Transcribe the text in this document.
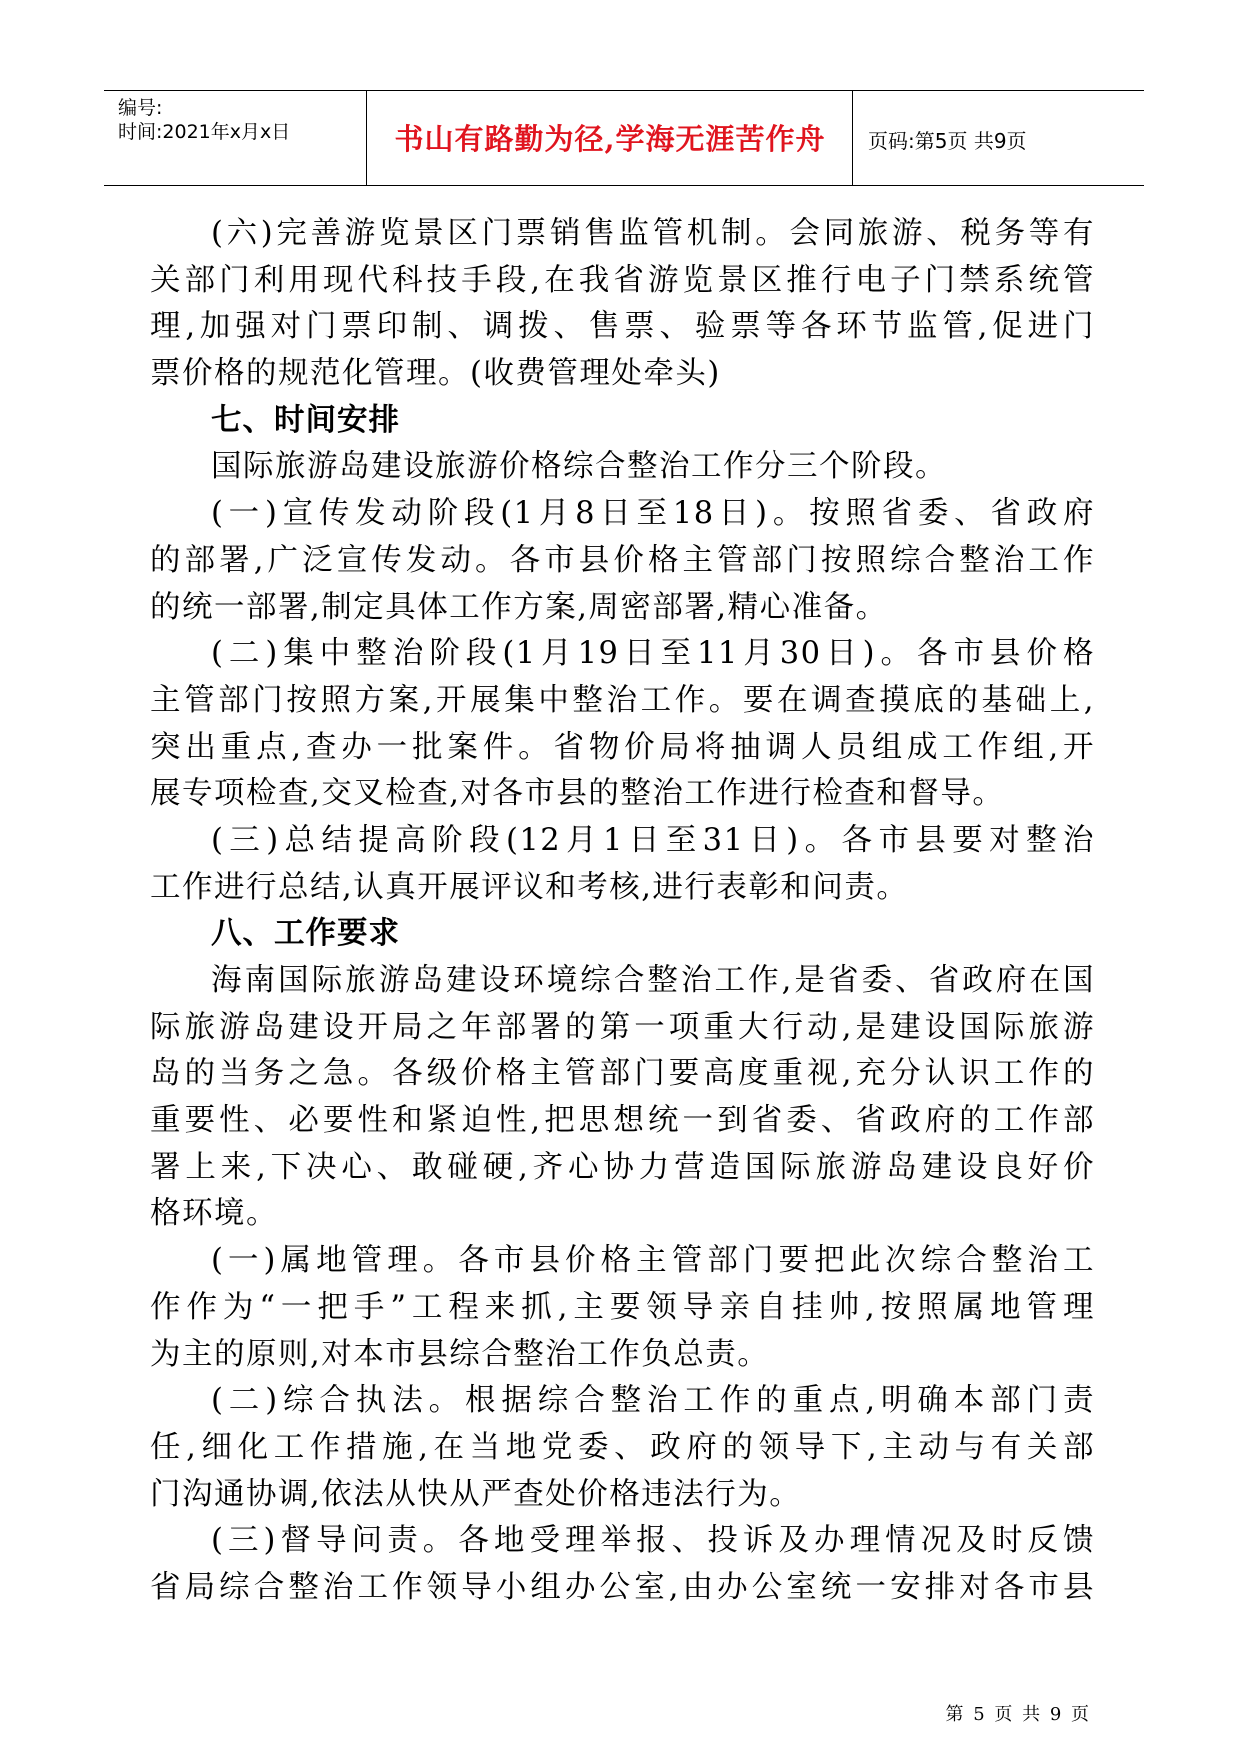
编号:
时间:2021年x月x日	书山有路勤为径,学海无涯苦作舟	页码:第5页 共9页
(六)完善游览景区门票销售监管机制。会同旅游、税务等有
关部门利用现代科技手段,在我省游览景区推行电子门禁系统管
理,加强对门票印制、调拨、售票、验票等各环节监管,促进门
票价格的规范化管理。(收费管理处牵头)
七、时间安排
国际旅游岛建设旅游价格综合整治工作分三个阶段。
(一)宣传发动阶段(1月8日至18日)。按照省委、省政府
的部署,广泛宣传发动。各市县价格主管部门按照综合整治工作
的统一部署,制定具体工作方案,周密部署,精心准备。
(二)集中整治阶段(1月19日至11月30日)。各市县价格
主管部门按照方案,开展集中整治工作。要在调查摸底的基础上,
突出重点,查办一批案件。省物价局将抽调人员组成工作组,开
展专项检查,交叉检查,对各市县的整治工作进行检查和督导。
(三)总结提高阶段(12月1日至31日)。各市县要对整治
工作进行总结,认真开展评议和考核,进行表彰和问责。
八、工作要求
海南国际旅游岛建设环境综合整治工作,是省委、省政府在国
际旅游岛建设开局之年部署的第一项重大行动,是建设国际旅游
岛的当务之急。各级价格主管部门要高度重视,充分认识工作的
重要性、必要性和紧迫性,把思想统一到省委、省政府的工作部
署上来,下决心、敢碰硬,齐心协力营造国际旅游岛建设良好价
格环境。
(一)属地管理。各市县价格主管部门要把此次综合整治工
作作为“一把手”工程来抓,主要领导亲自挂帅,按照属地管理
为主的原则,对本市县综合整治工作负总责。
(二)综合执法。根据综合整治工作的重点,明确本部门责
任,细化工作措施,在当地党委、政府的领导下,主动与有关部
门沟通协调,依法从快从严查处价格违法行为。
(三)督导问责。各地受理举报、投诉及办理情况及时反馈
省局综合整治工作领导小组办公室,由办公室统一安排对各市县
第 5 页 共 9 页
